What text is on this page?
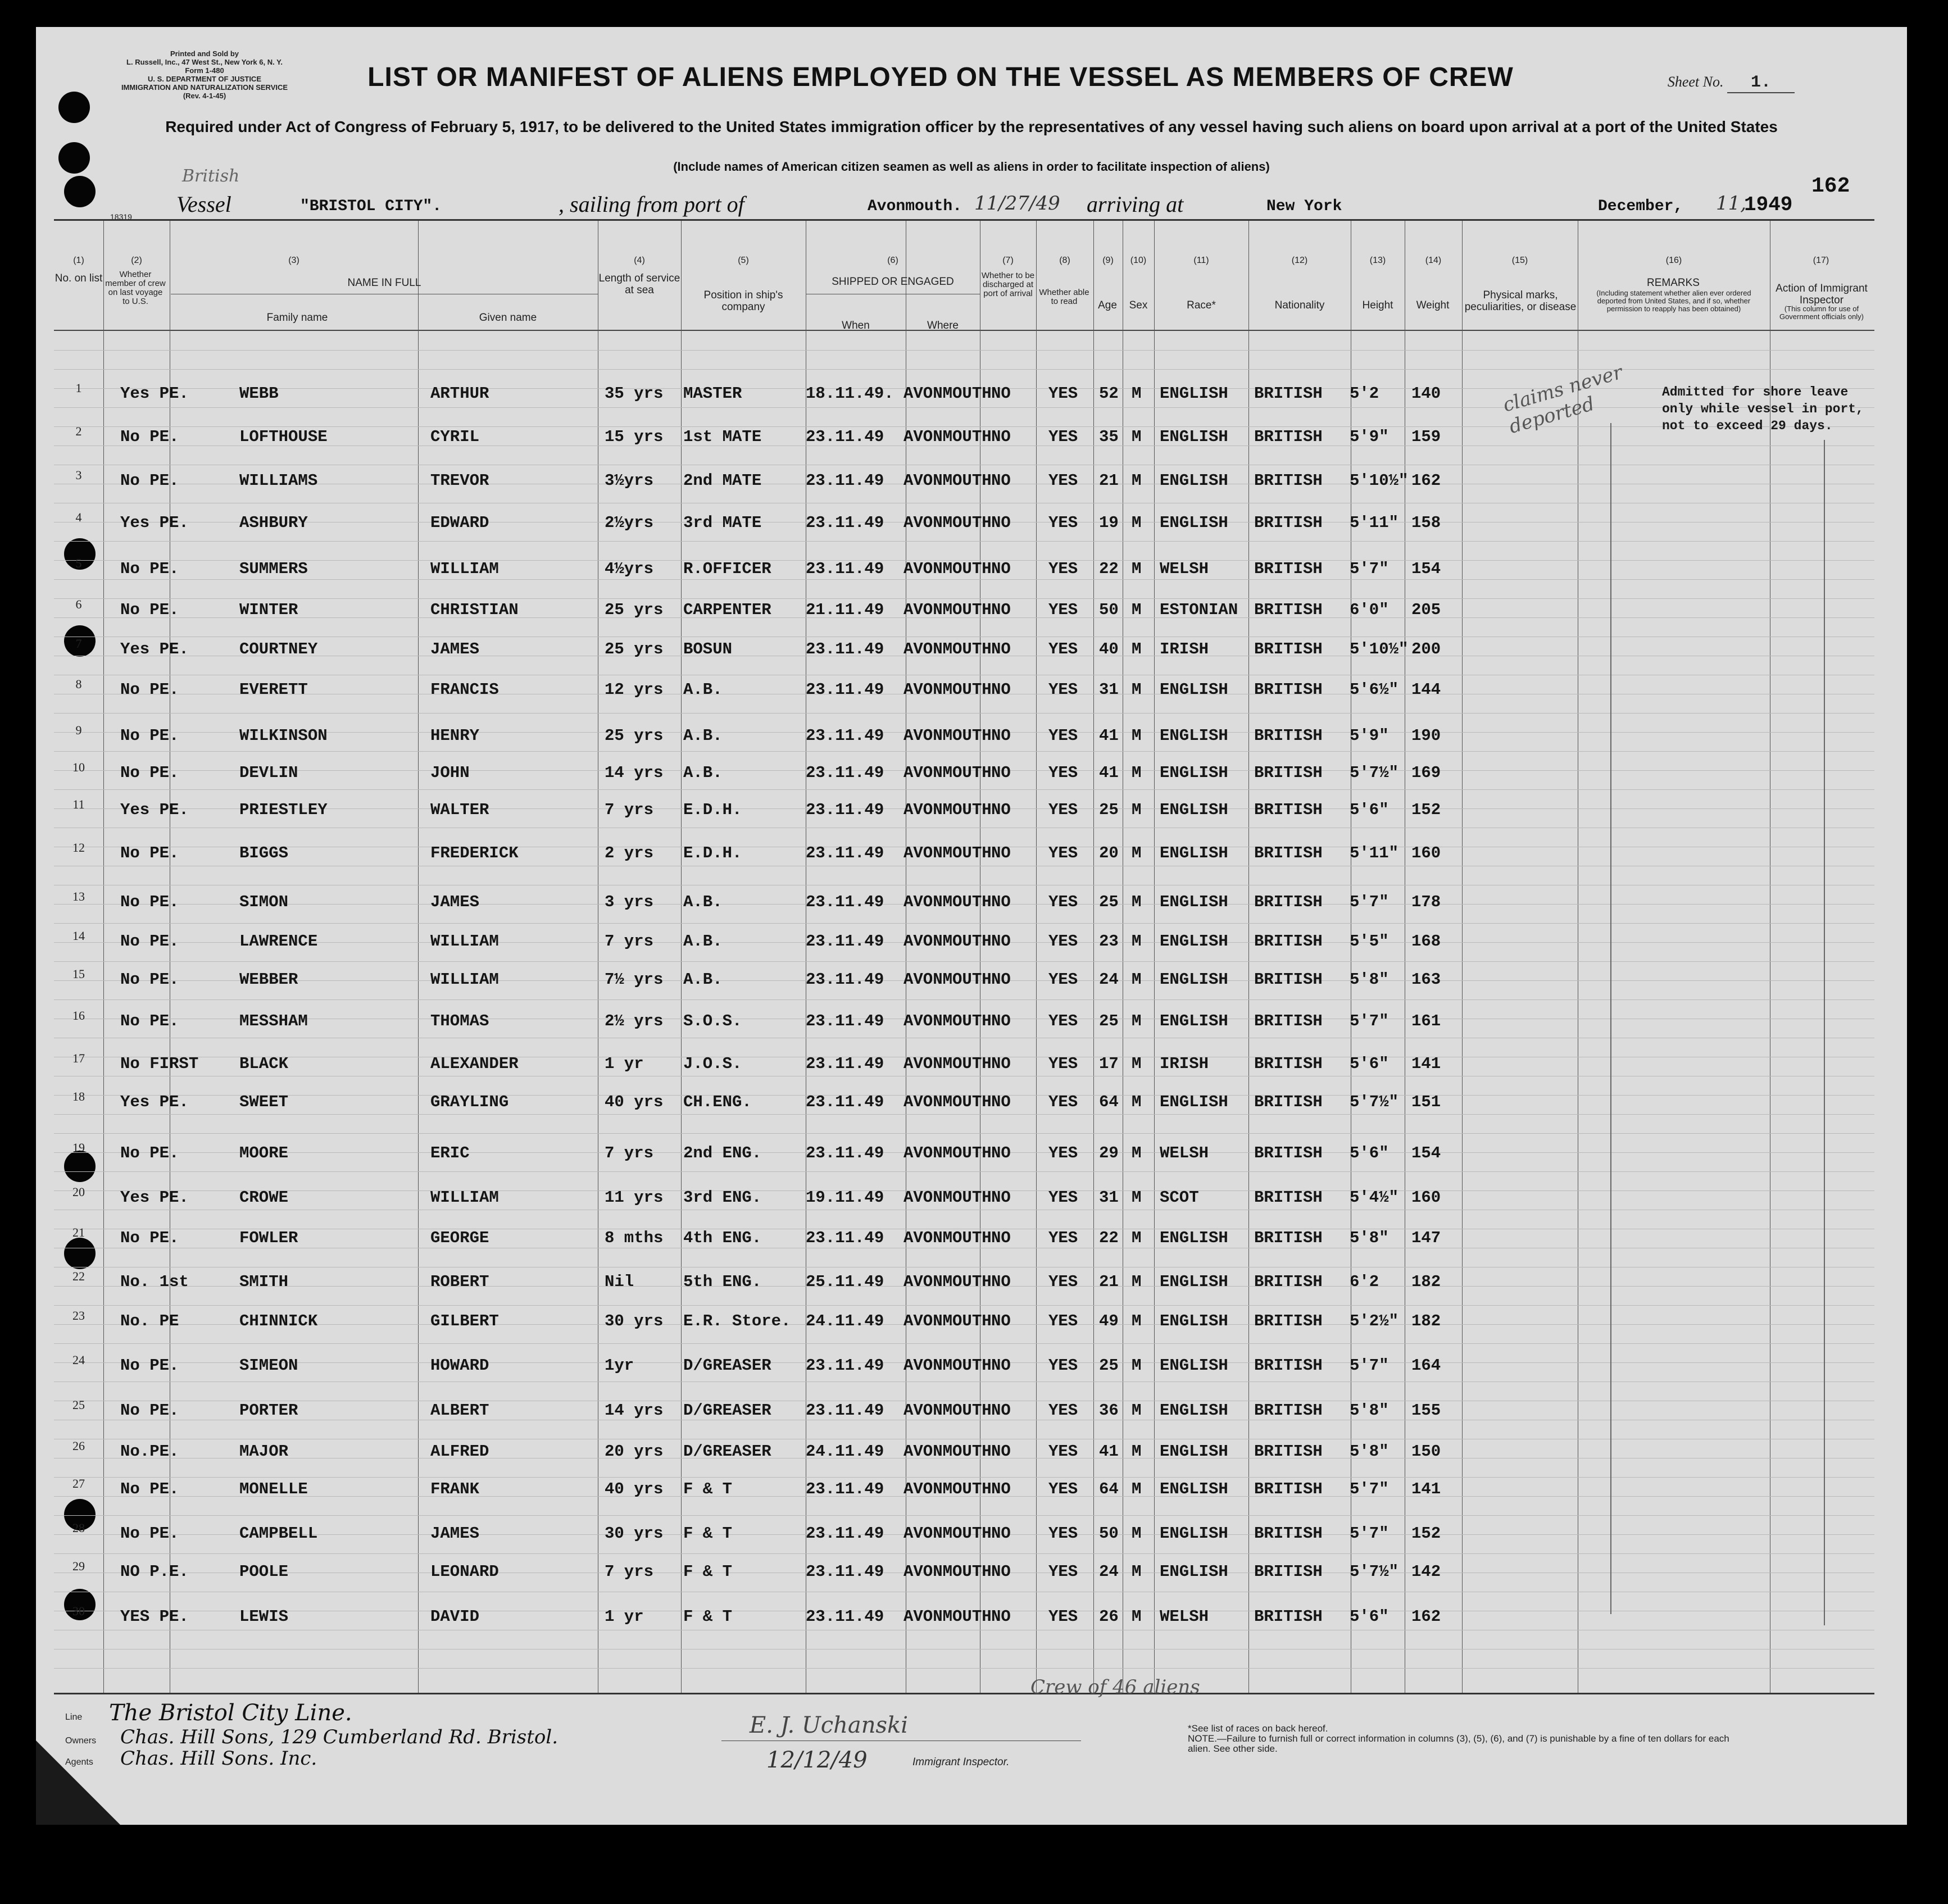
Printed and Sold by
L. Russell, Inc., 47 West St., New York 6, N. Y.
Form 1-480
U. S. DEPARTMENT OF JUSTICE
IMMIGRATION AND NATURALIZATION SERVICE
(Rev. 4-1-45)
LIST OR MANIFEST OF ALIENS EMPLOYED ON THE VESSEL AS MEMBERS OF CREW	Sheet No. 1.
Required under Act of Congress of February 5, 1917, to be delivered to the United States immigration officer by the representatives of any vessel having such aliens on board upon arrival at a port of the United States
(Include names of American citizen seamen as well as aliens in order to facilitate inspection of aliens)
162
British
Vessel	"BRISTOL CITY".	, sailing from port of	Avonmouth. 11/27/49 arriving at	New York	December, 11,
1949
18319
(1)	(2)	(3)	(4)	(5)	(6)	(7)	(8)	(9)	(10)	(11)	(12)	(13)	(14)	(15)	(16)	(17)
No. on list	Whether member of crew on last voyage to U.S.
NAME IN FULL
Family name	Given name
Length of service at sea	Position in ship's company
SHIPPED OR ENGAGED
When	Where
Whether to be discharged at port of arrival Whether able to read	Age	Sex	Race*	Nationality	Height	Weight
Physical marks, peculiarities, or disease
REMARKS
(Including statement whether alien ever ordered deported from United States, and if so, whether permission to reapply has been obtained)
Action of Immigrant Inspector
(This column for use of Government officials only)
1	Yes PE.	WEBB	ARTHUR	35 yrs MASTER	18.11.49. AVONMOUTH NO YES 52 M ENGLISH BRITISH 5'2 140
2	No PE.	LOFTHOUSE	CYRIL	15 yrs 1st MATE	23.11.49 AVONMOUTH NO YES 35 M ENGLISH BRITISH 5'9" 159
3	No PE.	WILLIAMS	TREVOR	3½yrs 2nd MATE	23.11.49 AVONMOUTH NO YES 21 M ENGLISH BRITISH 5'10½" 162
4	Yes PE.	ASHBURY	EDWARD	2½yrs 3rd MATE	23.11.49 AVONMOUTH NO YES 19 M ENGLISH BRITISH 5'11" 158
5	No PE.	SUMMERS	WILLIAM	4½yrs R.OFFICER 23.11.49 AVONMOUTH NO YES 22 M WELSH	BRITISH 5'7" 154
6	No PE.	WINTER	CHRISTIAN	25 yrs CARPENTER 21.11.49 AVONMOUTH NO YES 50 M ESTONIAN BRITISH 6'0" 205
7	Yes PE.	COURTNEY	JAMES	25 yrs BOSUN	23.11.49 AVONMOUTH NO YES 40 M IRISH	BRITISH 5'10½" 200
8	No PE.	EVERETT	FRANCIS	12 yrs A.B.	23.11.49 AVONMOUTH NO YES 31 M ENGLISH BRITISH 5'6½" 144
9	No PE.	WILKINSON	HENRY	25 yrs A.B.	23.11.49 AVONMOUTH NO YES 41 M ENGLISH BRITISH 5'9" 190
10	No PE.	DEVLIN	JOHN	14 yrs A.B.	23.11.49 AVONMOUTH NO YES 41 M ENGLISH BRITISH 5'7½" 169
11	Yes PE.	PRIESTLEY	WALTER	7 yrs E.D.H.	23.11.49 AVONMOUTH NO YES 25 M ENGLISH BRITISH 5'6" 152
12	No PE.	BIGGS	FREDERICK	2 yrs E.D.H.	23.11.49 AVONMOUTH NO YES 20 M ENGLISH BRITISH 5'11" 160
13	No PE.	SIMON	JAMES	3 yrs A.B.	23.11.49 AVONMOUTH NO YES 25 M ENGLISH BRITISH 5'7" 178
14	No PE.	LAWRENCE	WILLIAM	7 yrs A.B.	23.11.49 AVONMOUTH NO YES 23 M ENGLISH BRITISH 5'5" 168
15	No PE.	WEBBER	WILLIAM	7½ yrs A.B.	23.11.49 AVONMOUTH NO YES 24 M ENGLISH BRITISH 5'8" 163
16	No PE.	MESSHAM	THOMAS	2½ yrs S.O.S.	23.11.49 AVONMOUTH NO YES 25 M ENGLISH BRITISH 5'7" 161
17	No FIRST	BLACK	ALEXANDER	1 yr J.O.S.	23.11.49 AVONMOUTH NO YES 17 M IRISH	BRITISH 5'6" 141
18	Yes PE.	SWEET	GRAYLING	40 yrs CH.ENG.	23.11.49 AVONMOUTH NO YES 64 M ENGLISH BRITISH 5'7½" 151
19	No PE.	MOORE	ERIC	7 yrs 2nd ENG.	23.11.49 AVONMOUTH NO YES 29 M WELSH	BRITISH 5'6" 154
20	Yes PE.	CROWE	WILLIAM	11 yrs 3rd ENG.	19.11.49 AVONMOUTH NO YES 31 M SCOT	BRITISH 5'4½" 160
21	No PE.	FOWLER	GEORGE	8 mths 4th ENG.	23.11.49 AVONMOUTH NO YES 22 M ENGLISH BRITISH 5'8" 147
22	No. 1st	SMITH	ROBERT	Nil	5th ENG.	25.11.49 AVONMOUTH NO YES 21 M ENGLISH BRITISH 6'2 182
23	No. PE	CHINNICK	GILBERT	30 yrs E.R. Store. 24.11.49 AVONMOUTH NO YES 49 M ENGLISH BRITISH 5'2½" 182
24	No PE.	SIMEON	HOWARD	1yr	D/GREASER 23.11.49 AVONMOUTH NO YES 25 M ENGLISH BRITISH 5'7" 164
25	No PE.	PORTER	ALBERT	14 yrs D/GREASER 23.11.49 AVONMOUTH NO YES 36 M ENGLISH BRITISH 5'8" 155
26	No.PE.	MAJOR	ALFRED	20 yrs D/GREASER 24.11.49 AVONMOUTH NO YES 41 M ENGLISH BRITISH 5'8" 150
27	No PE.	MONELLE	FRANK	40 yrs F & T	23.11.49 AVONMOUTH NO YES 64 M ENGLISH BRITISH 5'7" 141
28	No PE.	CAMPBELL	JAMES	30 yrs F & T	23.11.49 AVONMOUTH NO YES 50 M ENGLISH BRITISH 5'7" 152
29	NO P.E.	POOLE	LEONARD	7 yrs F & T	23.11.49 AVONMOUTH NO YES 24 M ENGLISH BRITISH 5'7½" 142
30	YES PE.	LEWIS	DAVID	1 yr F & T	23.11.49 AVONMOUTH NO YES 26 M WELSH	BRITISH 5'6" 162
Admitted for shore leave only while vessel in port, not to exceed 29 days.
claims never deported
Line The Bristol City Line.
Owners Chas. Hill Sons, 129 Cumberland Rd. Bristol.
Agents Chas. Hill Sons. Inc.
Crew of 46 aliens
E. J. Uchanski
12/12/49	Immigrant Inspector.
*See list of races on back hereof.
NOTE.—Failure to furnish full or correct information in columns (3), (5), (6), and (7) is punishable by a fine of ten dollars for each alien. See other side.
